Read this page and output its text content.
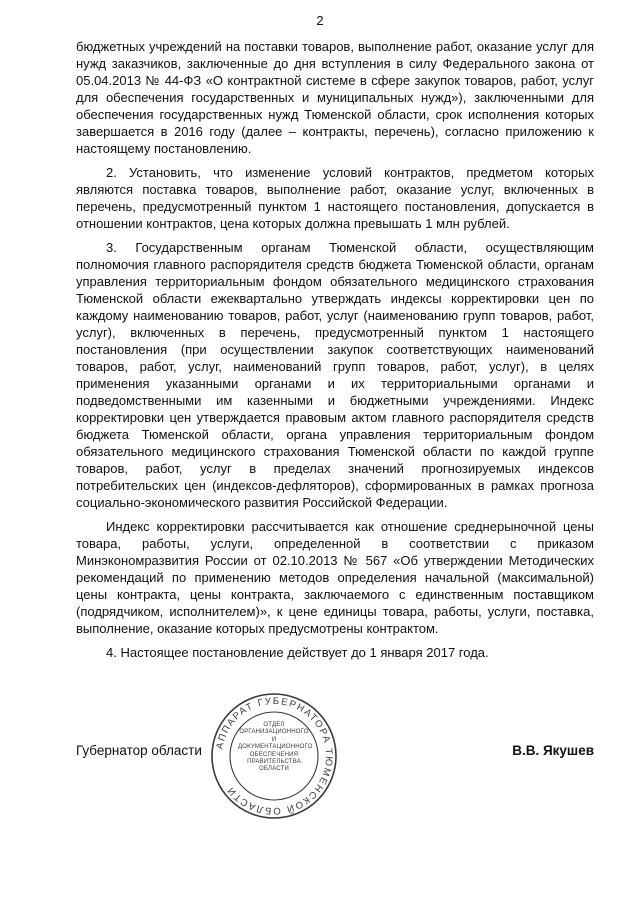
2

бюджетных учреждений на поставки товаров, выполнение работ, оказание услуг для нужд заказчиков, заключенные до дня вступления в силу Федерального закона от 05.04.2013 № 44-ФЗ «О контрактной системе в сфере закупок товаров, работ, услуг для обеспечения государственных и муниципальных нужд»), заключенными для обеспечения государственных нужд Тюменской области, срок исполнения которых завершается в 2016 году (далее – контракты, перечень), согласно приложению к настоящему постановлению.

2. Установить, что изменение условий контрактов, предметом которых являются поставка товаров, выполнение работ, оказание услуг, включенных в перечень, предусмотренный пунктом 1 настоящего постановления, допускается в отношении контрактов, цена которых должна превышать 1 млн рублей.

3. Государственным органам Тюменской области, осуществляющим полномочия главного распорядителя средств бюджета Тюменской области, органам управления территориальным фондом обязательного медицинского страхования Тюменской области ежеквартально утверждать индексы корректировки цен по каждому наименованию товаров, работ, услуг (наименованию групп товаров, работ, услуг), включенных в перечень, предусмотренный пунктом 1 настоящего постановления (при осуществлении закупок соответствующих наименований товаров, работ, услуг, наименований групп товаров, работ, услуг), в целях применения указанными органами и их территориальными органами и подведомственными им казенными и бюджетными учреждениями. Индекс корректировки цен утверждается правовым актом главного распорядителя средств бюджета Тюменской области, органа управления территориальным фондом обязательного медицинского страхования Тюменской области по каждой группе товаров, работ, услуг в пределах значений прогнозируемых индексов потребительских цен (индексов-дефляторов), сформированных в рамках прогноза социально-экономического развития Российской Федерации.

Индекс корректировки рассчитывается как отношение среднерыночной цены товара, работы, услуги, определенной в соответствии с приказом Минэкономразвития России от 02.10.2013 № 567 «Об утверждении Методических рекомендаций по применению методов определения начальной (максимальной) цены контракта, цены контракта, заключаемого с единственным поставщиком (подрядчиком, исполнителем)», к цене единицы товара, работы, услуги, поставка, выполнение, оказание которых предусмотрены контрактом.

4. Настоящее постановление действует до 1 января 2017 года.

АППАРАТ ГУБЕРНАТОРА ТЮМЕНСКОЙ ОБЛАСТИ
ОТДЕЛ ОРГАНИЗАЦИОННОГО И ДОКУМЕНТАЦИОННОГО ОБЕСПЕЧЕНИЯ ПРАВИТЕЛЬСТВА ОБЛАСТИ
Губернатор области	В.В. Якушев
